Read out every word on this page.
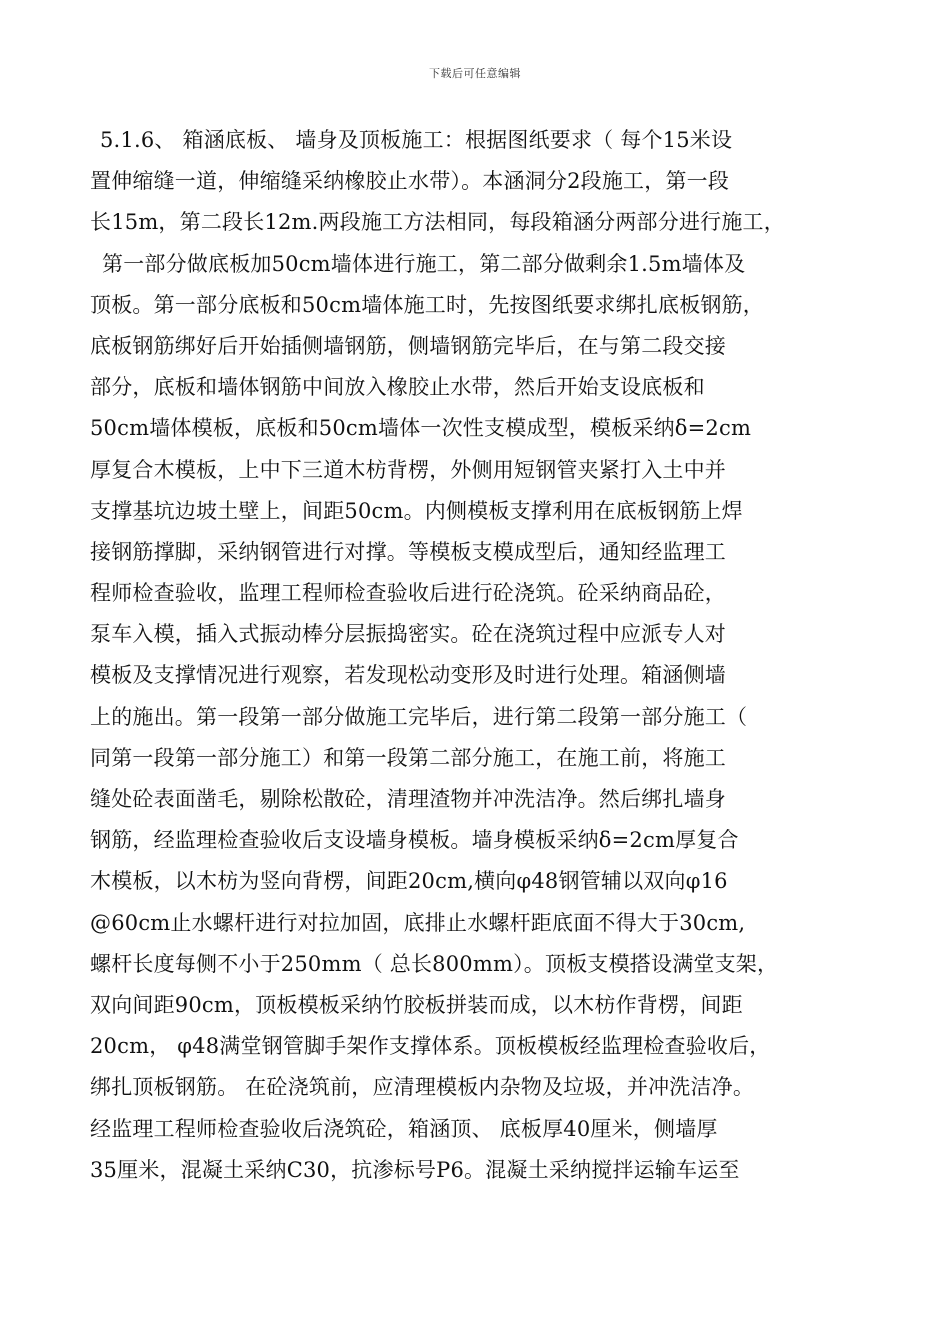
下载后可任意编辑
5.1.6、 箱涵底板、 墙身及顶板施工：根据图纸要求（ 每个15米设
置伸缩缝一道，伸缩缝采纳橡胶止水带）。本涵洞分2段施工，第一段
长15m，第二段长12m.两段施工方法相同，每段箱涵分两部分进行施工，
第一部分做底板加50cm墙体进行施工，第二部分做剩余1.5m墙体及
顶板。第一部分底板和50cm墙体施工时，先按图纸要求绑扎底板钢筋，
底板钢筋绑好后开始插侧墙钢筋，侧墙钢筋完毕后，在与第二段交接
部分，底板和墙体钢筋中间放入橡胶止水带，然后开始支设底板和
50cm墙体模板，底板和50cm墙体一次性支模成型，模板采纳δ=2cm
厚复合木模板，上中下三道木枋背楞，外侧用短钢管夹紧打入土中并
支撑基坑边坡土壁上，间距50cm。内侧模板支撑利用在底板钢筋上焊
接钢筋撑脚，采纳钢管进行对撑。等模板支模成型后，通知经监理工
程师检查验收，监理工程师检查验收后进行砼浇筑。砼采纳商品砼，
泵车入模，插入式振动棒分层振捣密实。砼在浇筑过程中应派专人对
模板及支撑情况进行观察，若发现松动变形及时进行处理。箱涵侧墙
上的施出。第一段第一部分做施工完毕后，进行第二段第一部分施工（
同第一段第一部分施工）和第一段第二部分施工，在施工前，将施工
缝处砼表面凿毛，剔除松散砼，清理渣物并冲洗洁净。然后绑扎墙身
钢筋，经监理检查验收后支设墙身模板。墙身模板采纳δ=2cm厚复合
木模板，以木枋为竖向背楞，间距20cm,横向φ48钢管辅以双向φ16
@60cm止水螺杆进行对拉加固，底排止水螺杆距底面不得大于30cm,
螺杆长度每侧不小于250mm（ 总长800mm）。顶板支模搭设满堂支架，
双向间距90cm，顶板模板采纳竹胶板拼装而成，以木枋作背楞，间距
20cm， φ48满堂钢管脚手架作支撑体系。顶板模板经监理检查验收后，
绑扎顶板钢筋。 在砼浇筑前，应清理模板内杂物及垃圾，并冲洗洁净。
经监理工程师检查验收后浇筑砼，箱涵顶、 底板厚40厘米，侧墙厚
35厘米，混凝土采纳C30，抗渗标号P6。混凝土采纳搅拌运输车运至
